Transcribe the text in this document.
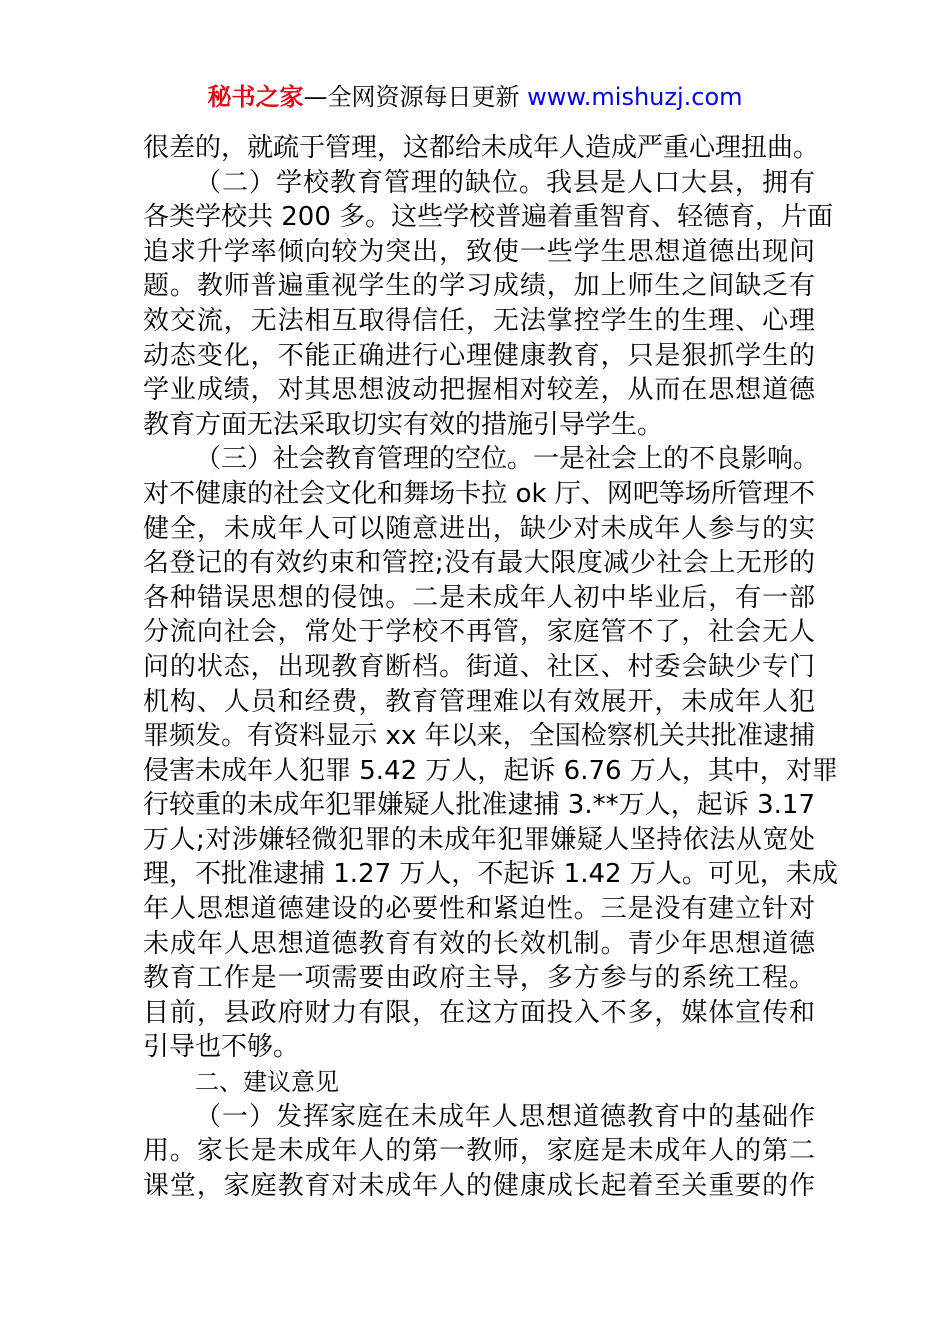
秘书之家—全网资源每日更新 www.mishuzj.com
很差的，就疏于管理，这都给未成年人造成严重心理扭曲。
（二）学校教育管理的缺位。我县是人口大县，拥有
各类学校共 200 多。这些学校普遍着重智育、轻德育，片面
追求升学率倾向较为突出，致使一些学生思想道德出现问
题。教师普遍重视学生的学习成绩，加上师生之间缺乏有
效交流，无法相互取得信任，无法掌控学生的生理、心理
动态变化，不能正确进行心理健康教育，只是狠抓学生的
学业成绩，对其思想波动把握相对较差，从而在思想道德
教育方面无法采取切实有效的措施引导学生。
（三）社会教育管理的空位。一是社会上的不良影响。
对不健康的社会文化和舞场卡拉 ok 厅、网吧等场所管理不
健全，未成年人可以随意进出，缺少对未成年人参与的实
名登记的有效约束和管控;没有最大限度减少社会上无形的
各种错误思想的侵蚀。二是未成年人初中毕业后，有一部
分流向社会，常处于学校不再管，家庭管不了，社会无人
问的状态，出现教育断档。街道、社区、村委会缺少专门
机构、人员和经费，教育管理难以有效展开，未成年人犯
罪频发。有资料显示 xx 年以来，全国检察机关共批准逮捕
侵害未成年人犯罪 5.42 万人，起诉 6.76 万人，其中，对罪
行较重的未成年犯罪嫌疑人批准逮捕 3.**万人，起诉 3.17
万人;对涉嫌轻微犯罪的未成年犯罪嫌疑人坚持依法从宽处
理，不批准逮捕 1.27 万人，不起诉 1.42 万人。可见，未成
年人思想道德建设的必要性和紧迫性。三是没有建立针对
未成年人思想道德教育有效的长效机制。青少年思想道德
教育工作是一项需要由政府主导，多方参与的系统工程。
目前，县政府财力有限，在这方面投入不多，媒体宣传和
引导也不够。
二、建议意见
（一）发挥家庭在未成年人思想道德教育中的基础作
用。家长是未成年人的第一教师，家庭是未成年人的第二
课堂，家庭教育对未成年人的健康成长起着至关重要的作
